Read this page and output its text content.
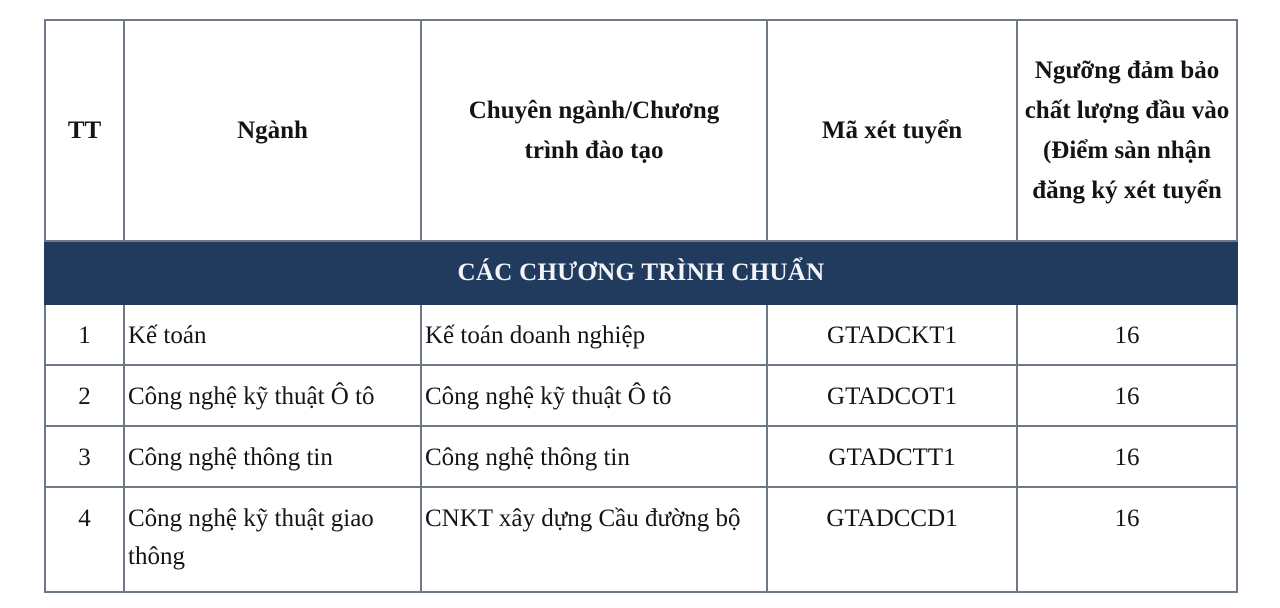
TT	Ngành	Chuyên ngành/Chương trình đào tạo	Mã xét tuyển	Ngưỡng đảm bảo chất lượng đầu vào (Điểm sàn nhận đăng ký xét tuyển
CÁC CHƯƠNG TRÌNH CHUẨN				
1	Kế toán	Kế toán doanh nghiệp	GTADCKT1	16
2	Công nghệ kỹ thuật Ô tô	Công nghệ kỹ thuật Ô tô	GTADCOT1	16
3	Công nghệ thông tin	Công nghệ thông tin	GTADCTT1	16
4	Công nghệ kỹ thuật giao thông	CNKT xây dựng Cầu đường bộ	GTADCCD1	16
